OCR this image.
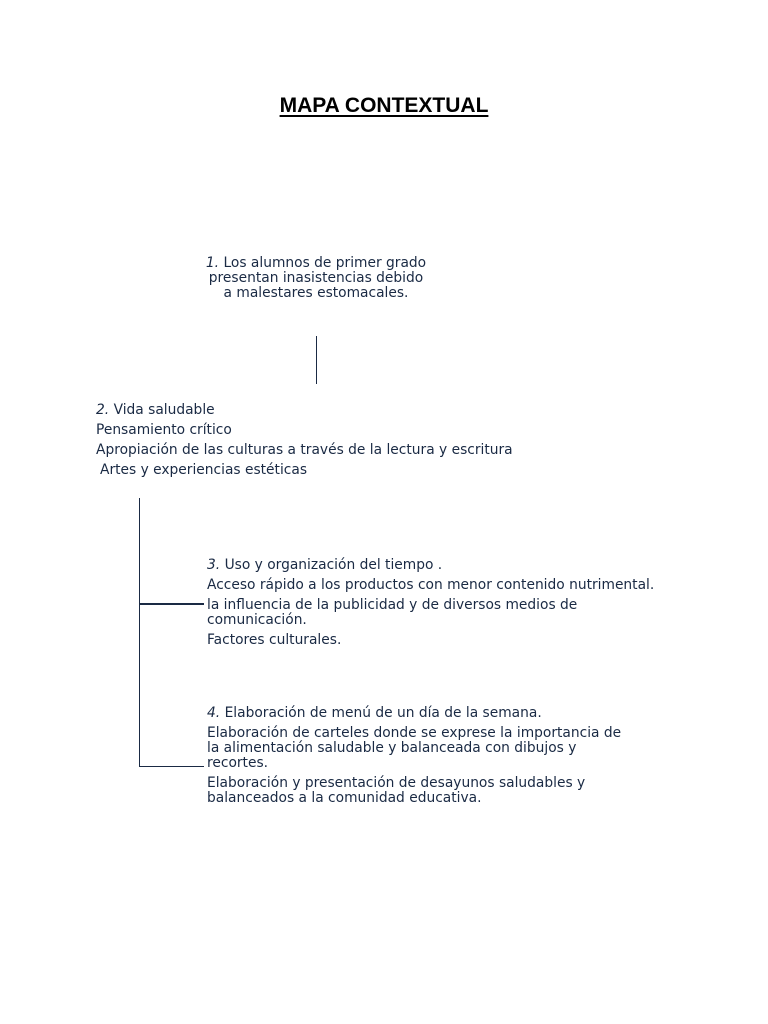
MAPA CONTEXTUAL
1. Los alumnos de primer grado
presentan inasistencias debido
a malestares estomacales.
2. Vida saludable
Pensamiento crítico
Apropiación de las culturas a través de la lectura y escritura
Artes y experiencias estéticas
3. Uso y organización del tiempo .
Acceso rápido a los productos con menor contenido nutrimental.
la influencia de la publicidad y de diversos medios de comunicación.
Factores culturales.
4. Elaboración de menú de un día de la semana.
Elaboración de carteles donde se exprese la importancia de la alimentación saludable y balanceada con dibujos y recortes.
Elaboración y presentación de desayunos saludables y balanceados a la comunidad educativa.
